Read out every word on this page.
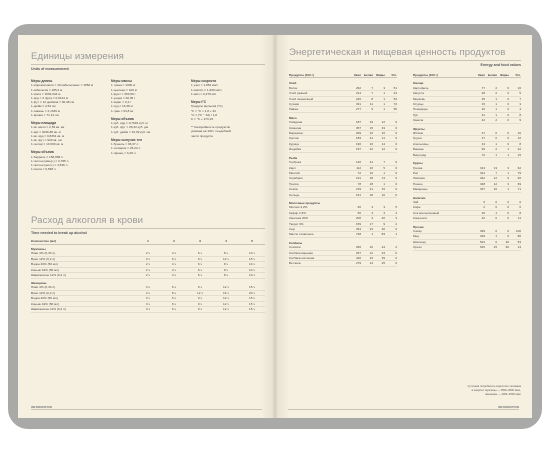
Единицы измерения
Units of measurement
Меры длины
1 морская миля = 10 кабельтовых = 1852 м
1 кабельтов = 185,2 м
1 миля = 1609,344 м
1 ярд = 3 фута = 0,9144 м
1 фут = 12 дюймов = 30,48 см
1 дюйм = 2,54 см
1 сажень = 2,1336 м
1 аршин = 71,12 см
Меры площади
1 кв. миля = 2,59 кв. км
1 акр = 4046,86 кв. м
1 кв. ярд = 0,8361 кв. м
1 кв. фут = 929 кв. см
1 гектар = 10 000 кв. м
Меры объема
1 баррель = 158,988 л
1 галлон (амер.) = 3,785 л
1 галлон (англ.) = 4,546 л
1 пинта = 0,568 л
Меры массы
1 тонна = 1000 кг
1 центнер = 100 кг
1 фунт = 453,59 г
1 унция = 28,35 г
1 карат = 0,2 г
1 пуд = 16,38 кг
1 гран = 64,8 мг
Меры объема
1 куб. ярд = 0,7646 куб. м
1 куб. фут = 28,32 куб. дм
1 куб. дюйм = 16,39 куб. см
Меры сыпучих тел
1 бушель = 36,37 л
1 четверик = 26,24 л
1 гарнец = 3,28 л
Меры скорости
1 узел = 1,852 км/ч
1 миля/ч = 1,609 км/ч
1 км/ч = 0,278 м/с
Меры t°C
Градусы Цельсия (°C)
°F = °C × 1,8 + 32
°C = (°F − 32) / 1,8
K = °C + 273,15
** Калорийность продуктов
указана на 100 г съедобной
части продукта
Расход алкоголя в крови
Time needed to break up alcohol
Количество (мл)	1	2	3	4	5
Мужчины					
Пиво 4% (0,33 л)	2 ч	4 ч	6 ч	8 ч	10 ч
Вино 12% (0,2 л)	3 ч	6 ч	9 ч	12 ч	15 ч
Водка 40% (50 мл)	2 ч	4 ч	6 ч	8 ч	10 ч
Коньяк 42% (50 мл)	2 ч	4 ч	6 ч	8 ч	10 ч
Шампанское 11% (0,2 л)	2 ч	4 ч	6 ч	8 ч	10 ч
Женщины					
Пиво 4% (0,33 л)	3 ч	6 ч	9 ч	12 ч	15 ч
Вино 12% (0,2 л)	4 ч	8 ч	12 ч	16 ч	20 ч
Водка 40% (50 мл)	3 ч	6 ч	9 ч	12 ч	15 ч
Коньяк 42% (50 мл)	3 ч	6 ч	9 ч	12 ч	15 ч
Шампанское 11% (0,2 л)	3 ч	6 ч	9 ч	12 ч	15 ч
INFORMATION
Энергетическая и пищевая ценность продуктов
Energy and food values
Продукты (100 г)	Ккал	Белки	Жиры	Угл.
Хлеб				
Батон	262	7	3	51
Хлеб ржаной	214	7	1	44
Хлеб пшеничный	246	8	1	52
Сухари	331	11	1	72
Лаваш	277	9	1	56
Мясо				
Говядина	187	19	12	0
Свинина	357	15	33	0
Баранина	209	16	16	0
Кролик	183	21	11	0
Курица	190	16	14	0
Индейка	197	22	12	0
Рыба				
Горбуша	140	21	7	0
Карп	112	16	5	0
Минтай	72	16	1	0
Скумбрия	191	18	13	0
Треска	78	18	1	0
Семга	219	21	15	0
Сельдь	161	18	10	0
Молочные продукты				
Молоко 3,2%	60	3	3	5
Кефир 2,5%	50	3	3	4
Сметана 20%	206	3	20	3
Творог 9%	159	17	9	2
Сыр	364	24	30	0
Масло сливочное	748	1	83	1
Колбасы				
Сосиски	266	10	24	2
Колбаса вареная	257	12	23	0
Колбаса копченая	420	16	39	0
Ветчина	279	14	25	0
Продукты (100 г)	Ккал	Белки	Жиры	Угл.
Овощи				
Картофель	77	2	0	16
Капуста	28	2	0	5
Морковь	35	1	0	7
Огурцы	15	1	0	3
Помидоры	20	1	0	4
Лук	41	1	0	8
Свекла	42	2	0	9
Фрукты				
Яблоки	47	0	0	10
Груши	47	0	0	10
Апельсины	43	1	0	8
Бананы	96	2	1	22
Виноград	72	1	1	15
Крупы				
Гречка	313	13	3	62
Рис	344	7	1	79
Овсянка	342	12	6	60
Пшено	348	12	3	69
Макароны	337	10	1	71
Напитки				
Чай	0	0	0	0
Кофе	2	0	0	0
Сок апельсиновый	36	1	0	8
Кока-кола	42	0	0	11
Прочее				
Сахар	399	0	0	100
Мед	329	1	0	80
Шоколад	544	6	36	53
Орехи	645	15	60	14
Суточная потребность взрослого человека
в энергии: мужчины — 2500–3000 ккал,
женщины — 2000–2500 ккал
INFORMATION
